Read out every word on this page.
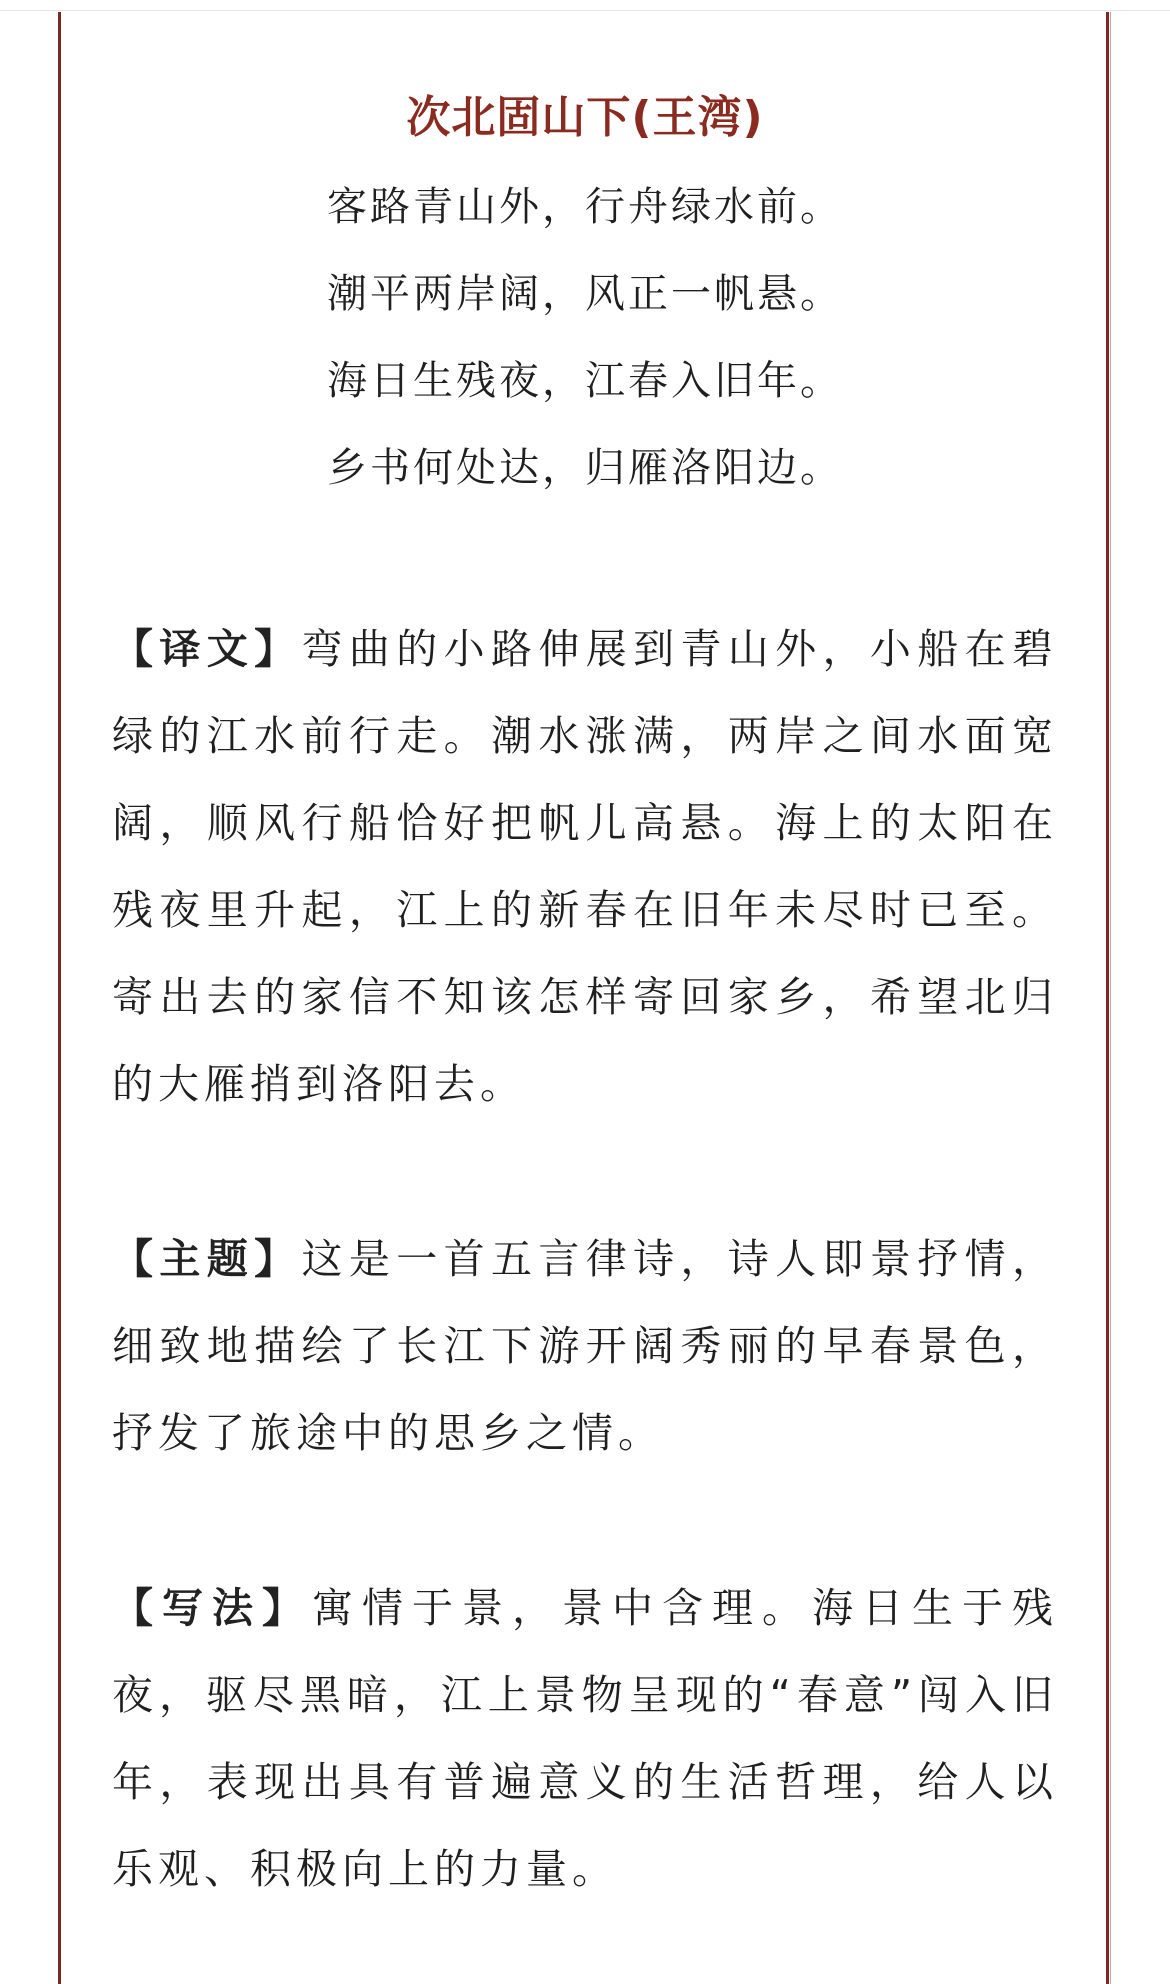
次北固山下(王湾)
客路青山外，行舟绿水前。
潮平两岸阔，风正一帆悬。
海日生残夜，江春入旧年。
乡书何处达，归雁洛阳边。

【译文】弯曲的小路伸展到青山外，小船在碧绿的江水前行走。潮水涨满，两岸之间水面宽阔，顺风行船恰好把帆儿高悬。海上的太阳在残夜里升起，江上的新春在旧年未尽时已至。寄出去的家信不知该怎样寄回家乡，希望北归的大雁捎到洛阳去。

【主题】这是一首五言律诗，诗人即景抒情，细致地描绘了长江下游开阔秀丽的早春景色，抒发了旅途中的思乡之情。

【写法】寓情于景，景中含理。海日生于残夜，驱尽黑暗，江上景物呈现的“春意”闯入旧年，表现出具有普遍意义的生活哲理，给人以乐观、积极向上的力量。
